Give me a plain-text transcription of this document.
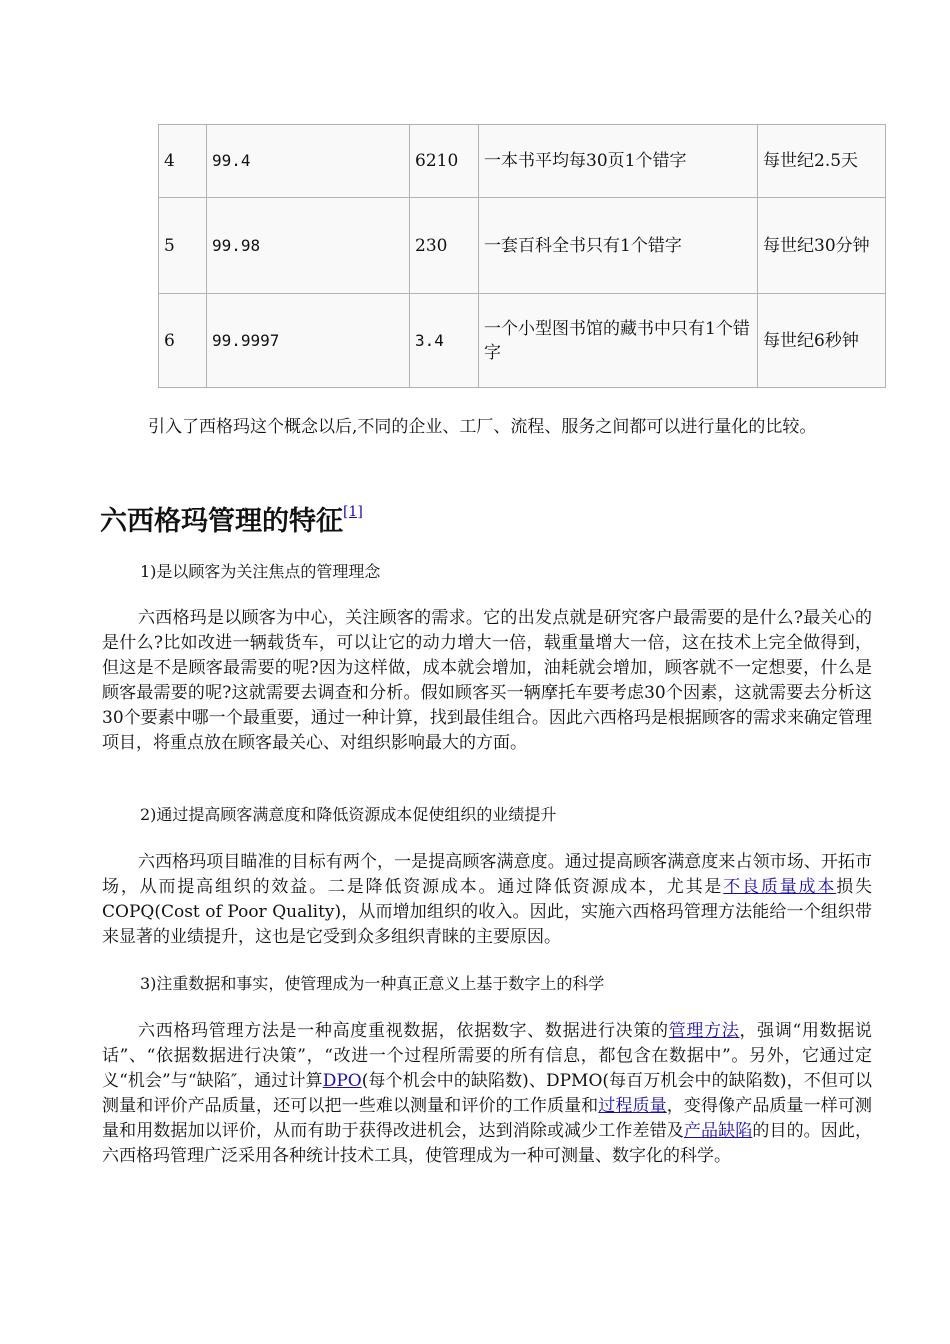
4	99.4	6210	一本书平均每30页1个错字	每世纪2.5天
5	99.98	230	一套百科全书只有1个错字	每世纪30分钟
6	99.9997	3.4	一个小型图书馆的藏书中只有1个错字	每世纪6秒钟

引入了西格玛这个概念以后,不同的企业、工厂、流程、服务之间都可以进行量化的比较。

六西格玛管理的特征[1]

1)是以顾客为关注焦点的管理理念

六西格玛是以顾客为中心，关注顾客的需求。它的出发点就是研究客户最需要的是什么?最关心的是什么?比如改进一辆载货车，可以让它的动力增大一倍，载重量增大一倍，这在技术上完全做得到，但这是不是顾客最需要的呢?因为这样做，成本就会增加，油耗就会增加，顾客就不一定想要，什么是顾客最需要的呢?这就需要去调查和分析。假如顾客买一辆摩托车要考虑30个因素，这就需要去分析这30个要素中哪一个最重要，通过一种计算，找到最佳组合。因此六西格玛是根据顾客的需求来确定管理项目，将重点放在顾客最关心、对组织影响最大的方面。

2)通过提高顾客满意度和降低资源成本促使组织的业绩提升

六西格玛项目瞄准的目标有两个，一是提高顾客满意度。通过提高顾客满意度来占领市场、开拓市场，从而提高组织的效益。二是降低资源成本。通过降低资源成本，尤其是不良质量成本损失COPQ(Cost of Poor Quality)，从而增加组织的收入。因此，实施六西格玛管理方法能给一个组织带来显著的业绩提升，这也是它受到众多组织青睐的主要原因。

3)注重数据和事实，使管理成为一种真正意义上基于数字上的科学

六西格玛管理方法是一种高度重视数据，依据数字、数据进行决策的管理方法，强调“用数据说话”、“依据数据进行决策”，“改进一个过程所需要的所有信息，都包含在数据中”。另外，它通过定义“机会”与“缺陷″，通过计算DPO(每个机会中的缺陷数)、DPMO(每百万机会中的缺陷数)，不但可以测量和评价产品质量，还可以把一些难以测量和评价的工作质量和过程质量，变得像产品质量一样可测量和用数据加以评价，从而有助于获得改进机会，达到消除或减少工作差错及产品缺陷的目的。因此，六西格玛管理广泛采用各种统计技术工具，使管理成为一种可测量、数字化的科学。
